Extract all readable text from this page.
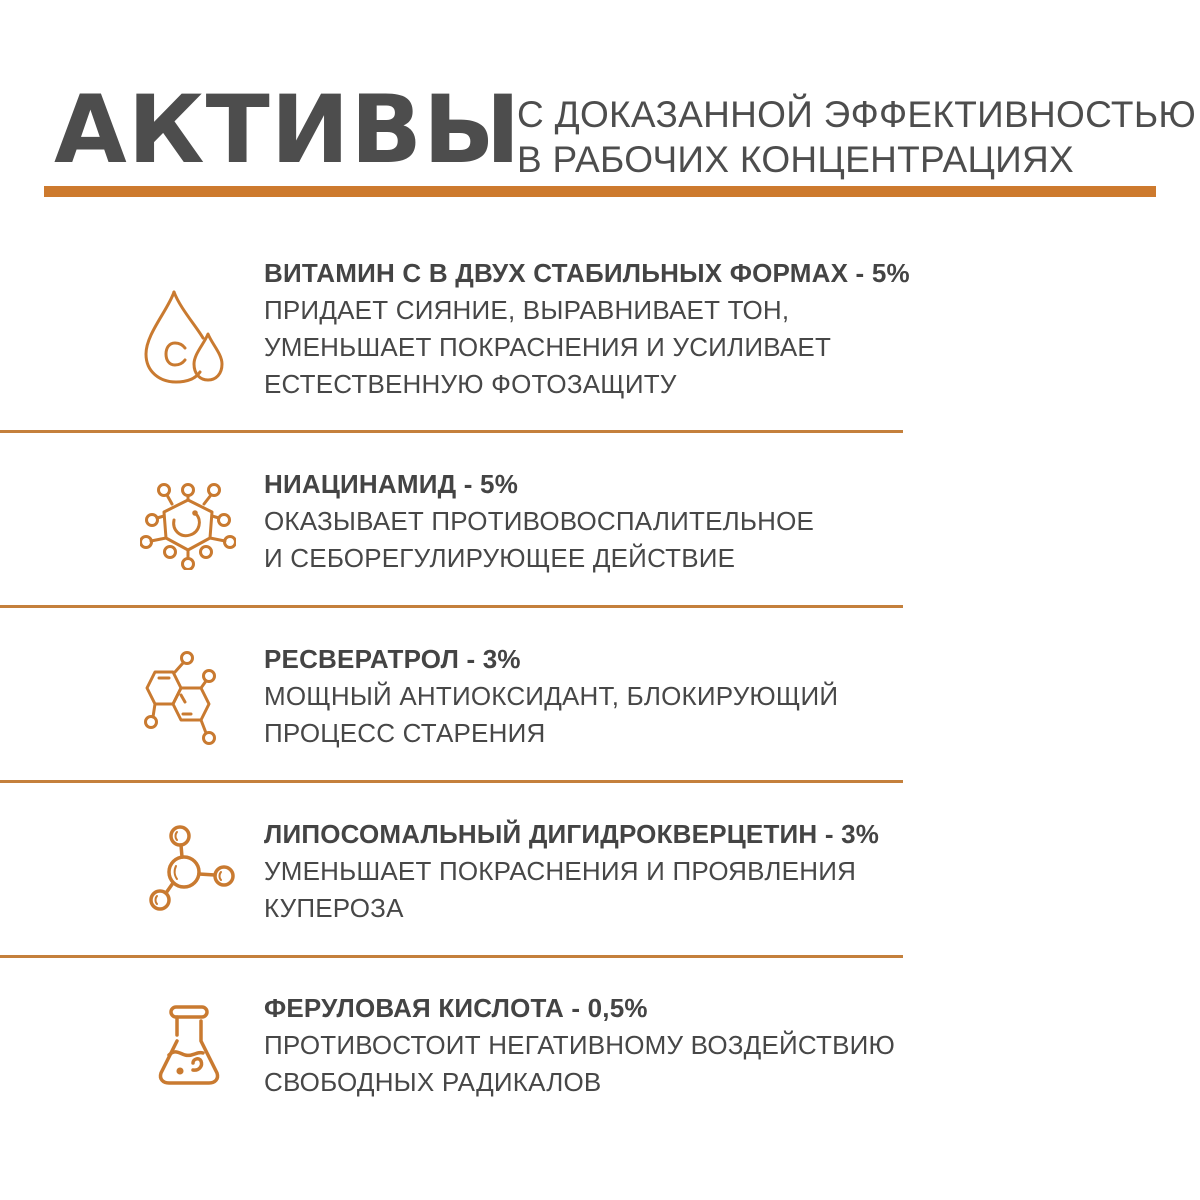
АКТИВЫ
С ДОКАЗАННОЙ ЭФФЕКТИВНОСТЬЮ
В РАБОЧИХ КОНЦЕНТРАЦИЯХ
ВИТАМИН С В ДВУХ СТАБИЛЬНЫХ ФОРМАХ - 5%
ПРИДАЕТ СИЯНИЕ, ВЫРАВНИВАЕТ ТОН,
УМЕНЬШАЕТ ПОКРАСНЕНИЯ И УСИЛИВАЕТ
ЕСТЕСТВЕННУЮ ФОТОЗАЩИТУ
НИАЦИНАМИД - 5%
ОКАЗЫВАЕТ ПРОТИВОВОСПАЛИТЕЛЬНОЕ
И СЕБОРЕГУЛИРУЮЩЕЕ ДЕЙСТВИЕ
РЕСВЕРАТРОЛ - 3%
МОЩНЫЙ АНТИОКСИДАНТ, БЛОКИРУЮЩИЙ
ПРОЦЕСС СТАРЕНИЯ
ЛИПОСОМАЛЬНЫЙ ДИГИДРОКВЕРЦЕТИН - 3%
УМЕНЬШАЕТ ПОКРАСНЕНИЯ И ПРОЯВЛЕНИЯ
КУПЕРОЗА
ФЕРУЛОВАЯ КИСЛОТА - 0,5%
ПРОТИВОСТОИТ НЕГАТИВНОМУ ВОЗДЕЙСТВИЮ
СВОБОДНЫХ РАДИКАЛОВ
